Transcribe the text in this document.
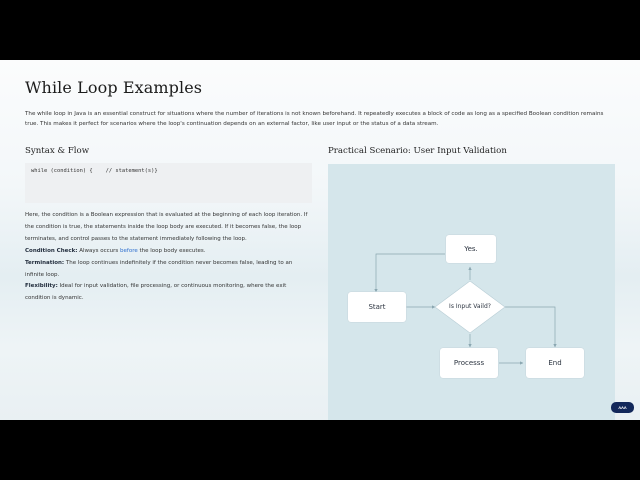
While Loop Examples

The while loop in Java is an essential construct for situations where the number of iterations is not known beforehand. It repeatedly executes a block of code as long as a specified Boolean condition remains true. This makes it perfect for scenarios where the loop's continuation depends on an external factor, like user input or the status of a data stream.

Syntax & Flow
while (condition) {    // statement(s)}

Here, the condition is a Boolean expression that is evaluated at the beginning of each loop iteration. If the condition is true, the statements inside the loop body are executed. If it becomes false, the loop terminates, and control passes to the statement immediately following the loop.

Condition Check: Always occurs before the loop body executes.

Termination: The loop continues indefinitely if the condition never becomes false, leading to an infinite loop.

Flexibility: Ideal for input validation, file processing, or continuous monitoring, where the exit condition is dynamic.

Practical Scenario: User Input Validation
Yes.
Start	Is Input Vaild?
Processs	End
ΛΛΛ
